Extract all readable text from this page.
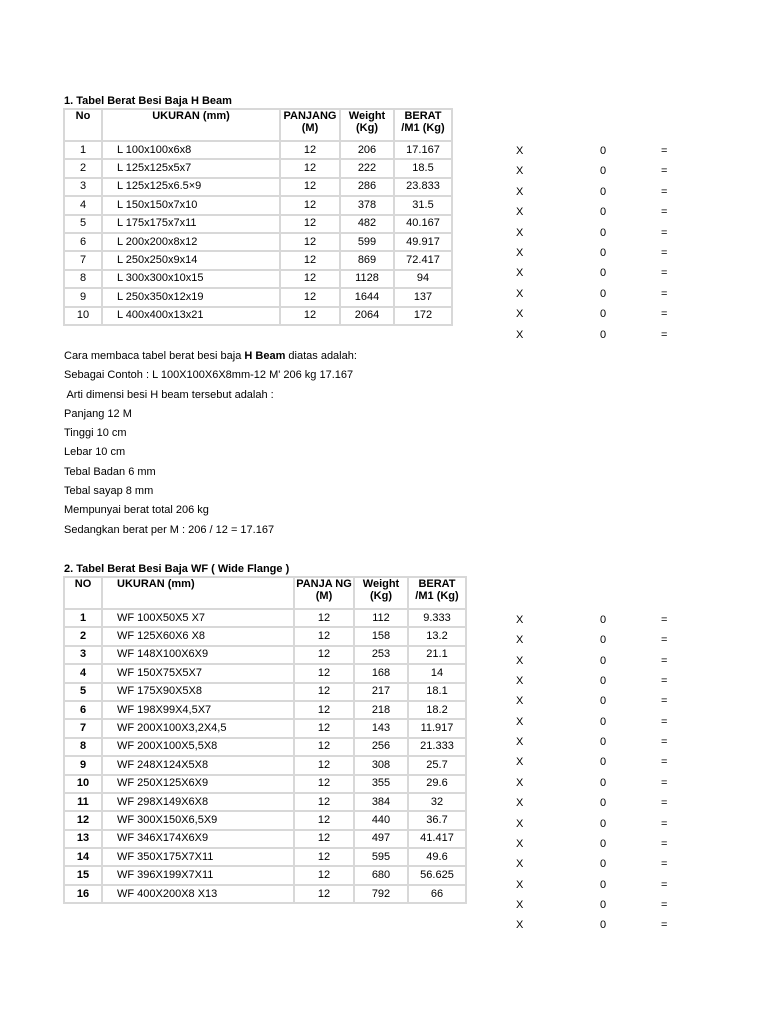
1. Tabel Berat Besi Baja H Beam
No	UKURAN (mm)	PANJANG (M)	Weight (Kg)	BERAT /M1 (Kg)
1	L 100x100x6x8	12	206	17.167
2	L 125x125x5x7	12	222	18.5
3	L 125x125x6.5×9	12	286	23.833
4	L 150x150x7x10	12	378	31.5
5	L 175x175x7x11	12	482	40.167
6	L 200x200x8x12	12	599	49.917
7	L 250x250x9x14	12	869	72.417
8	L 300x300x10x15	12	1128	94
9	L 250x350x12x19	12	1644	137
10	L 400x400x13x21	12	2064	172
X	0	=
X	0	=
X	0	=
X	0	=
X	0	=
X	0	=
X	0	=
X	0	=
X	0	=
X	0	=
Cara membaca tabel berat besi baja H Beam diatas adalah:
Sebagai Contoh : L 100X100X6X8mm-12 M' 206 kg 17.167
Arti dimensi besi H beam tersebut adalah :
Panjang 12 M
Tinggi 10 cm
Lebar 10 cm
Tebal Badan 6 mm
Tebal sayap 8 mm
Mempunyai berat total 206 kg
Sedangkan berat per M : 206 / 12 = 17.167
2. Tabel Berat Besi Baja WF ( Wide Flange )
NO	UKURAN (mm)	PANJA NG (M)	Weight (Kg)	BERAT /M1 (Kg)
1	WF 100X50X5 X7	12	112	9.333
2	WF 125X60X6 X8	12	158	13.2
3	WF 148X100X6X9	12	253	21.1
4	WF 150X75X5X7	12	168	14
5	WF 175X90X5X8	12	217	18.1
6	WF 198X99X4,5X7	12	218	18.2
7	WF 200X100X3,2X4,5	12	143	11.917
8	WF 200X100X5,5X8	12	256	21.333
9	WF 248X124X5X8	12	308	25.7
10	WF 250X125X6X9	12	355	29.6
11	WF 298X149X6X8	12	384	32
12	WF 300X150X6,5X9	12	440	36.7
13	WF 346X174X6X9	12	497	41.417
14	WF 350X175X7X11	12	595	49.6
15	WF 396X199X7X11	12	680	56.625
16	WF 400X200X8 X13	12	792	66
X	0	=
X	0	=
X	0	=
X	0	=
X	0	=
X	0	=
X	0	=
X	0	=
X	0	=
X	0	=
X	0	=
X	0	=
X	0	=
X	0	=
X	0	=
X	0	=
